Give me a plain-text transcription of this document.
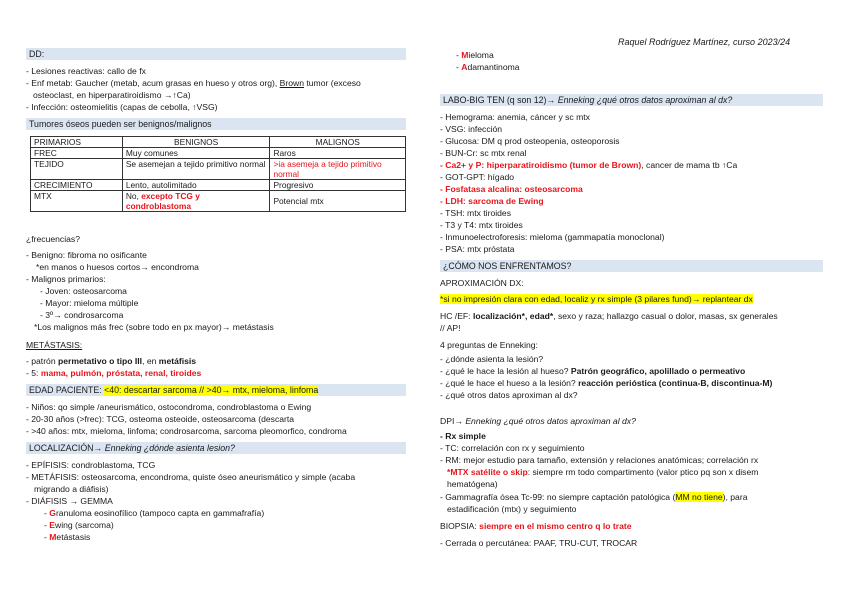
Raquel Rodríguez Martínez, curso 2023/24
DD:
- Lesiones reactivas: callo de fx
- Enf metab: Gaucher (metab, acum grasas en hueso y otros org), Brown tumor (exceso
osteoclast, en hiperparatiroidismo →↑Ca)
- Infección: osteomielitis (capas de cebolla, ↑VSG)
Tumores óseos pueden ser benignos/malignos
PRIMARIOS	BENIGNOS	MALIGNOS
FREC	Muy comunes	Raros
TEJIDO	Se asemejan a tejido primitivo normal	>ia asemeja a tejido primitivo normal
CRECIMIENTO	Lento, autolimitado	Progresivo
MTX	No, excepto TCG y condroblastoma	Potencial mtx
¿frecuencias?
- Benigno: fibroma no osificante
*en manos o huesos cortos→ encondroma
- Malignos primarios:
- Joven: osteosarcoma
- Mayor: mieloma múltiple
- 3º→ condrosarcoma
*Los malignos más frec (sobre todo en px mayor)→ metástasis
METÁSTASIS:
- patrón permetativo o tipo III, en metáfisis
- 5: mama, pulmón, próstata, renal, tiroides
EDAD PACIENTE: <40: descartar sarcoma // >40→ mtx, mieloma, linfoma
- Niños: qo simple /aneurismático, ostocondroma, condroblastoma o Ewing
- 20-30 años (>frec): TCG, osteoma osteoide, osteosarcoma (descarta
- >40 años: mtx, mieloma, linfoma; condrosarcoma, sarcoma pleomorfico, condroma
LOCALIZACIÓN→ Enneking ¿dónde asienta lesion?
- EPÍFISIS: condroblastoma, TCG
- METÁFISIS: osteosarcoma, encondroma, quiste óseo aneurismático y simple (acaba
migrando a diáfisis)
- DIÁFISIS → GEMMA
- Granuloma eosinofílico (tampoco capta en gammafrafía)
- Ewing (sarcoma)
- Metástasis
- Mieloma
- Adamantinoma
LABO-BIG TEN (q son 12)→ Enneking ¿qué otros datos aproximan al dx?
- Hemograma: anemia, cáncer y sc mtx
- VSG: infección
- Glucosa: DM q prod osteopenia, osteoporosis
- BUN-Cr: sc mtx renal
- Ca2+ y P: hiperparatiroidismo (tumor de Brown), cancer de mama tb ↑Ca
- GOT-GPT: hígado
- Fosfatasa alcalina: osteosarcoma
- LDH: sarcoma de Ewing
- TSH: mtx tiroides
- T3 y T4: mtx tiroides
- Inmunoelectroforesis: mieloma (gammapatía monoclonal)
- PSA: mtx próstata
¿CÓMO NOS ENFRENTAMOS?
APROXIMACIÓN DX:
*si no impresión clara con edad, localiz y rx simple (3 pilares fund)→ replantear dx
HC /EF: localización*, edad*, sexo y raza; hallazgo casual o dolor, masas, sx generales
// AP!
4 preguntas de Enneking:
- ¿dónde asienta la lesión?
- ¿qué le hace la lesión al hueso? Patrón geográfico, apolillado o permeativo
- ¿qué le hace el hueso a la lesión? reacción perióstica (continua-B, discontinua-M)
- ¿qué otros datos aproximan al dx?
DPI→ Enneking ¿qué otros datos aproximan al dx?
- Rx simple
- TC: correlación con rx y seguimiento
- RM: mejor estudio para tamaño, extensión y relaciones anatómicas; correlación rx
*MTX satélite o skip: siempre rm todo compartimento (valor ptico pq son x disem
hematógena)
- Gammagrafía ósea Tc-99: no siempre captación patológica (MM no tiene), para
estadificación (mtx) y seguimiento
BIOPSIA: siempre en el mismo centro q lo trate
- Cerrada o percutánea: PAAF, TRU-CUT, TROCAR
